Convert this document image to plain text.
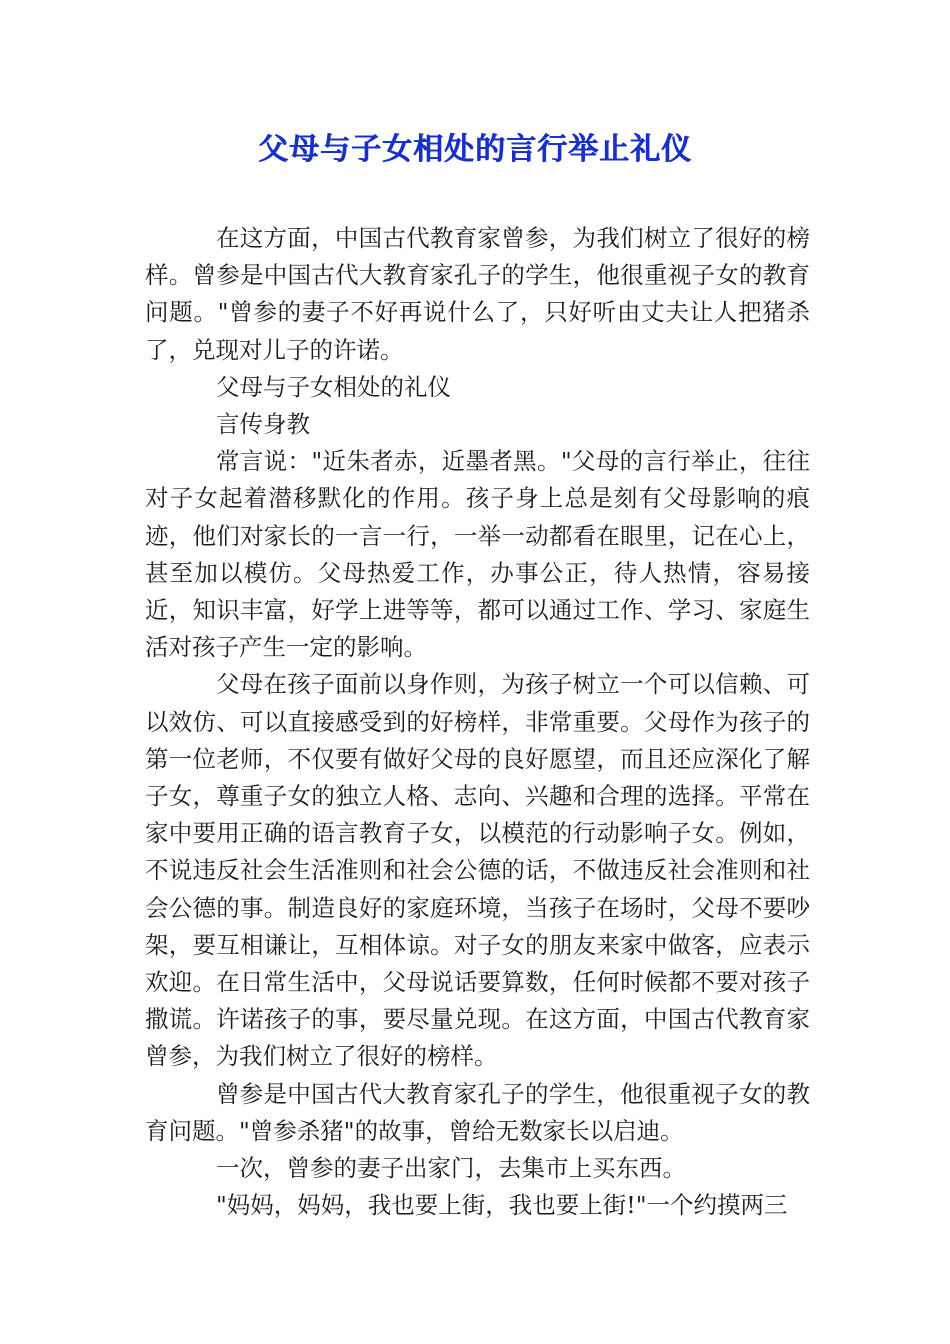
父母与子女相处的言行举止礼仪

在这方面，中国古代教育家曾参，为我们树立了很好的榜样。曾参是中国古代大教育家孔子的学生，他很重视子女的教育问题。"曾参的妻子不好再说什么了，只好听由丈夫让人把猪杀了，兑现对儿子的许诺。

父母与子女相处的礼仪

言传身教

常言说："近朱者赤，近墨者黑。"父母的言行举止，往往对子女起着潜移默化的作用。孩子身上总是刻有父母影响的痕迹，他们对家长的一言一行，一举一动都看在眼里，记在心上，甚至加以模仿。父母热爱工作，办事公正，待人热情，容易接近，知识丰富，好学上进等等，都可以通过工作、学习、家庭生活对孩子产生一定的影响。

父母在孩子面前以身作则，为孩子树立一个可以信赖、可以效仿、可以直接感受到的好榜样，非常重要。父母作为孩子的第一位老师，不仅要有做好父母的良好愿望，而且还应深化了解子女，尊重子女的独立人格、志向、兴趣和合理的选择。平常在家中要用正确的语言教育子女，以模范的行动影响子女。例如，不说违反社会生活准则和社会公德的话，不做违反社会准则和社会公德的事。制造良好的家庭环境，当孩子在场时，父母不要吵架，要互相谦让，互相体谅。对子女的朋友来家中做客，应表示欢迎。在日常生活中，父母说话要算数，任何时候都不要对孩子撒谎。许诺孩子的事，要尽量兑现。在这方面，中国古代教育家曾参，为我们树立了很好的榜样。

曾参是中国古代大教育家孔子的学生，他很重视子女的教育问题。"曾参杀猪"的故事，曾给无数家长以启迪。

一次，曾参的妻子出家门，去集市上买东西。

"妈妈，妈妈，我也要上街，我也要上街!"一个约摸两三
